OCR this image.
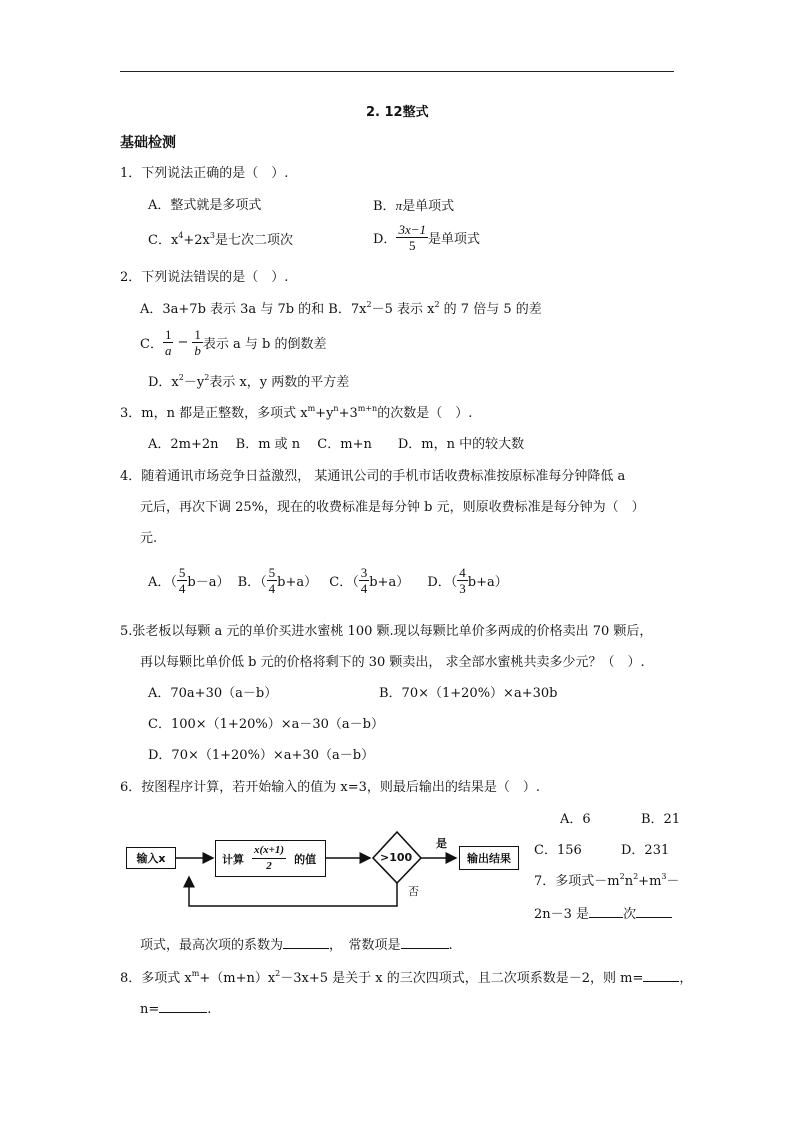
2. 12整式
基础检测
1．下列说法正确的是（　）.
A．整式就是多项式	B．π是单项式
C．$x^4+2x^3$是七次二项次	D． $\frac{3x-1}{5}$ 是单项式
2．下列说法错误的是（　）.
A．3a+7b 表示 3a 与 7b 的和 B．$7x^2-5$ 表示 $x^2$ 的 7 倍与 5 的差
C． $\frac{1}{a} - \frac{1}{b}$ 表示 a 与 b 的倒数差
D．$x^2-y^2$表示 x，y 两数的平方差
3．m，n 都是正整数，多项式 $x^m+y^n+3^{m+n}$的次数是（　）.
A．2m+2n　 B．m 或 n　 C．m+n　　D．m，n 中的较大数
4．随着通讯市场竞争日益激烈， 某通讯公司的手机市话收费标准按原标准每分钟降低 a
元后，再次下调 25%，现在的收费标准是每分钟 b 元，则原收费标准是每分钟为（　）
元.
A．（ $\frac{5}{4} b-a$） B．（ $\frac{5}{4} b+a$） C．（ $\frac{3}{4} b+a$） D．（ $\frac{4}{3} b+a$）
5.张老板以每颗 a 元的单价买进水蜜桃 100 颗.现以每颗比单价多两成的价格卖出 70 颗后，
再以每颗比单价低 b 元的价格将剩下的 30 颗卖出， 求全部水蜜桃共卖多少元？（　）.
A．70a+30（a－b）	B．70×（1+20%）×a+30b
C．100×（1+20%）×a－30（a－b）
D．70×（1+20%）×a+30（a－b）
6．按图程序计算，若开始输入的值为 x=3，则最后输出的结果是（　）.
A．6	B．21
C．156	D．231
输入x	计算 $\frac{x(x+1)}{2}$ 的值	>100
是
否
输出结果
7．多项式$-m^2n^2+m^3-$
2n－3 是	次
项式，最高次项的系数为	，　常数项是	.
8．多项式 $x^m+(m+n)x^2-3x+5$ 是关于 x 的三次四项式，且二次项系数是－2，则 m=	，
n=	.
